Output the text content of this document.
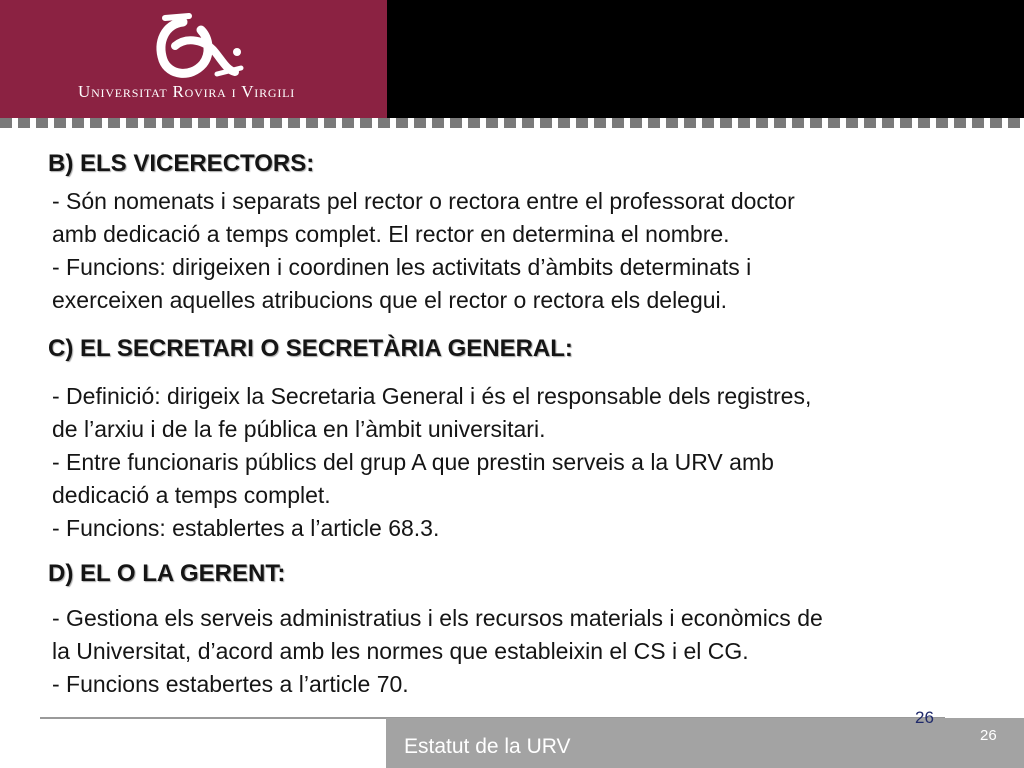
Universitat Rovira i Virgili
B) ELS VICERECTORS:

- Són nomenats i separats pel rector o rectora entre el professorat doctor

amb dedicació a temps complet. El rector en determina el nombre.

- Funcions: dirigeixen i coordinen les activitats d’àmbits determinats i

exerceixen aquelles atribucions que el rector o rectora els delegui.

C) EL SECRETARI O SECRETÀRIA GENERAL:

- Definició: dirigeix la Secretaria General i és el responsable dels registres,

de l’arxiu i de la fe pública en l’àmbit universitari.

- Entre funcionaris públics del grup A que prestin serveis a la URV amb

dedicació a temps complet.

- Funcions: establertes a l’article 68.3.

D) EL O LA GERENT:

- Gestiona els serveis administratius i els recursos materials i econòmics de

la Universitat, d’acord amb les normes que estableixin el CS i el CG.

- Funcions estabertes a l’article 70.

Estatut de la URV
26
26
